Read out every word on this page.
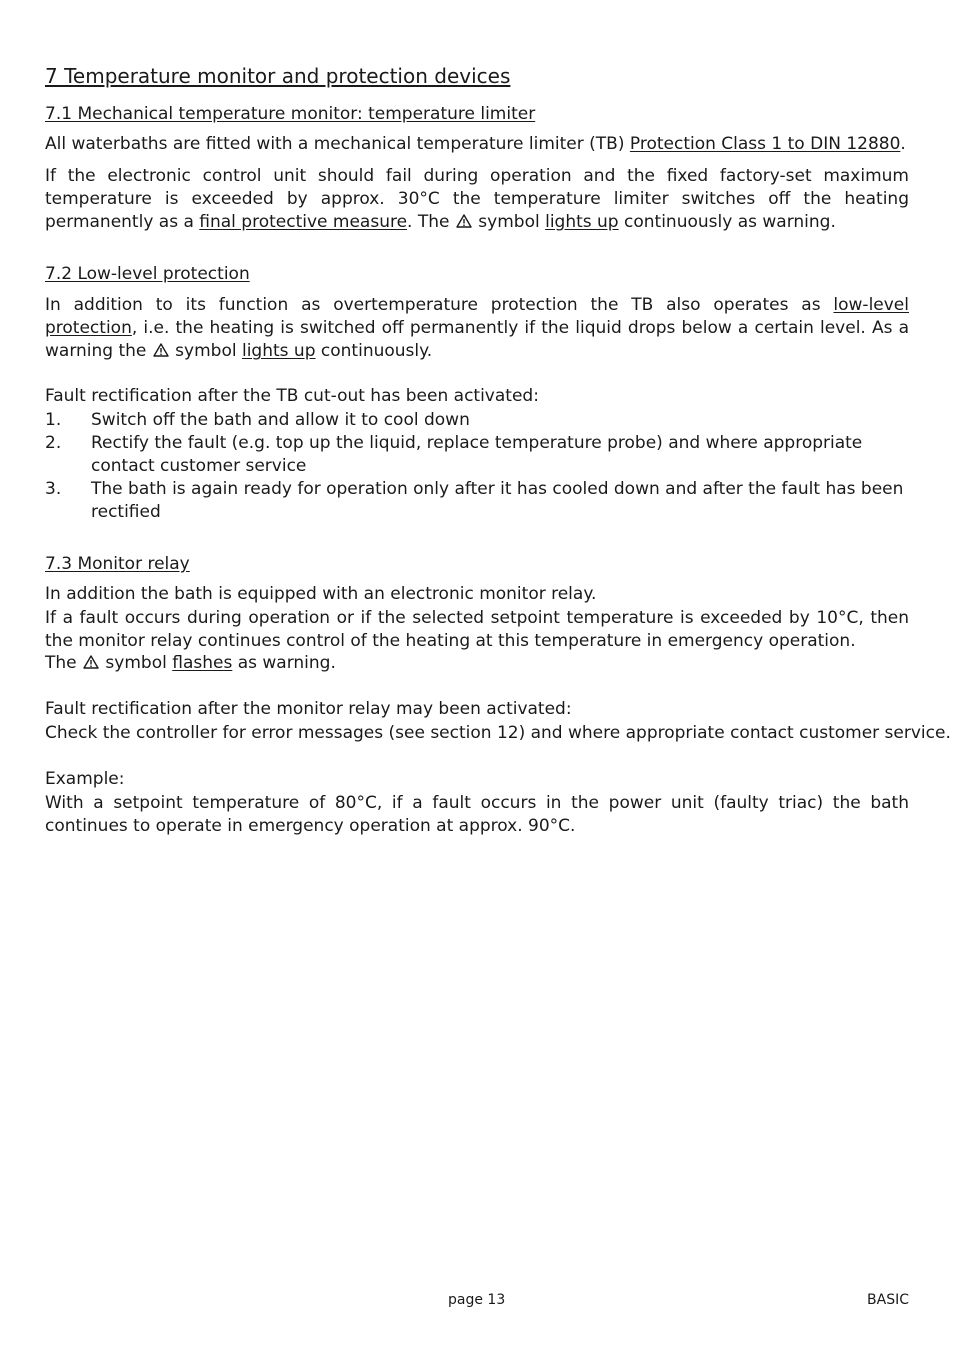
7 Temperature monitor and protection devices
7.1 Mechanical temperature monitor: temperature limiter
All waterbaths are fitted with a mechanical temperature limiter (TB) Protection Class 1 to DIN 12880.

If the electronic control unit should fail during operation and the fixed factory-set maximum temperature is exceeded by approx. 30°C the temperature limiter switches off the heating permanently as a final protective measure. The  symbol lights up continuously as warning.

7.2 Low-level protection

In addition to its function as overtemperature protection the TB also operates as low-level protection, i.e. the heating is switched off permanently if the liquid drops below a certain level. As a warning the  symbol lights up continuously.

Fault rectification after the TB cut-out has been activated:
1. Switch off the bath and allow it to cool down
2. Rectify the fault (e.g. top up the liquid, replace temperature probe) and where appropriate contact customer service
3. The bath is again ready for operation only after it has cooled down and after the fault has been rectified
7.3 Monitor relay
In addition the bath is equipped with an electronic monitor relay.

If a fault occurs during operation or if the selected setpoint temperature is exceeded by 10°C, then the monitor relay continues control of the heating at this temperature in emergency operation.

The  symbol flashes as warning.
Fault rectification after the monitor relay may been activated:
Check the controller for error messages (see section 12) and where appropriate contact customer service.
Example:

With a setpoint temperature of 80°C, if a fault occurs in the power unit (faulty triac) the bath continues to operate in emergency operation at approx. 90°C.

page 13	BASIC
